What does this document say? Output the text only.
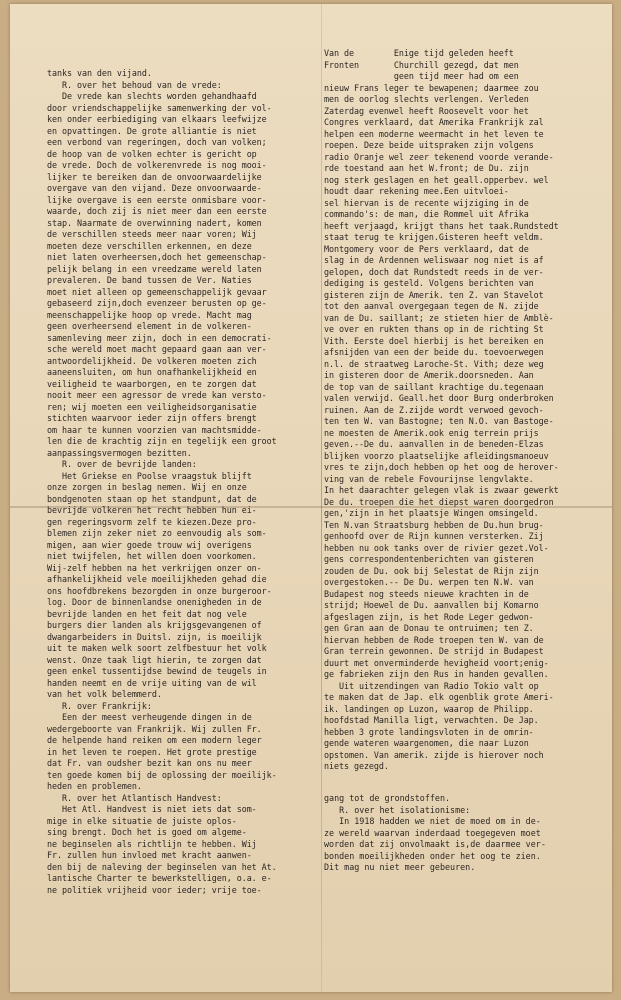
tanks van den vijand.
R. over het behoud van de vrede:
De vrede kan slechts worden gehandhaafd
door vriendschappelijke samenwerking der vol-
ken onder eerbiediging van elkaars leefwijze
en opvattingen. De grote alliantie is niet
een verbond van regeringen, doch van volken;
de hoop van de volken echter is gericht op
de vrede. Doch de volkerenvrede is nog mooi-
lijker te bereiken dan de onvoorwaardelijke
overgave van den vijand. Deze onvoorwaarde-
lijke overgave is een eerste onmisbare voor-
waarde, doch zij is niet meer dan een eerste
stap. Naarmate de overwinning nadert, komen
de verschillen steeds meer naar voren; Wij
moeten deze verschillen erkennen, en deze
niet laten overheersen,doch het gemeenschap-
pelijk belang in een vreedzame wereld laten
prevaleren. De band tussen de Ver. Naties
moet niet alleen op gemeenschappelijk gevaar
gebaseerd zijn,doch evenzeer berusten op ge-
meenschappelijke hoop op vrede. Macht mag
geen overheersend element in de volkeren-
samenleving meer zijn, doch in een democrati-
sche wereld moet macht gepaard gaan aan ver-
antwoordelijkheid. De volkeren moeten zich
aaneensluiten, om hun onafhankelijkheid en
veiligheid te waarborgen, en te zorgen dat
nooit meer een agressor de vrede kan versto-
ren; wij moeten een veiligheidsorganisatie
stichten waarvoor ieder zijn offers brengt
om haar te kunnen voorzien van machtsmidde-
len die de krachtig zijn en tegelijk een groot
aanpassingsvermogen bezitten.
R. over de bevrijde landen:
Het Griekse en Poolse vraagstuk blijft
onze zorgen in beslag nemen. Wij en onze
bondgenoten staan op het standpunt, dat de
bevrijde volkeren het recht hebben hun ei-
gen regeringsvorm zelf te kiezen.Deze pro-
blemen zijn zeker niet zo eenvoudig als som-
migen, aan wier goede trouw wij overigens
niet twijfelen, het willen doen voorkomen.
Wij-zelf hebben na het verkrijgen onzer on-
afhankelijkheid vele moeilijkheden gehad die
ons hoofdbrekens bezorgden in onze burgeroor-
log. Door de binnenlandse onenigheden in de
bevrijde landen en het feit dat nog vele
burgers dier landen als krijgsgevangenen of
dwangarbeiders in Duitsl. zijn, is moeilijk
uit te maken welk soort zelfbestuur het volk
wenst. Onze taak ligt hierin, te zorgen dat
geen enkel tussentijdse bewind de teugels in
handen neemt en de vrije uiting van de wil
van het volk belemmerd.
R. over Frankrijk:
Een der meest verheugende dingen in de
wedergeboorte van Frankrijk. Wij zullen Fr.
de helpende hand reiken om een modern leger
in het leven te roepen. Het grote prestige
dat Fr. van oudsher bezit kan ons nu meer
ten goede komen bij de oplossing der moeilijk-
heden en problemen.
R. over het Atlantisch Handvest:
Het Atl. Handvest is niet iets dat som-
mige in elke situatie de juiste oplos-
sing brengt. Doch het is goed om algeme-
ne beginselen als richtlijn te hebben. Wij
Fr. zullen hun invloed met kracht aanwen-
den bij de naleving der beginselen van het At.
lantische Charter te bewerkstelligen, o.a. e-
ne politiek vrijheid voor ieder; vrije toe-
Van de        Enige tijd geleden heeft
Fronten       Churchill gezegd, dat men
geen tijd meer had om een
nieuw Frans leger te bewapenen; daarmee zou
men de oorlog slechts verlengen. Verleden
Zaterdag evenwel heeft Roosevelt voor het
Congres verklaard, dat Amerika Frankrijk zal
helpen een moderne weermacht in het leven te
roepen. Deze beide uitspraken zijn volgens
radio Oranje wel zeer tekenend voorde verande-
rde toestand aan het W.front; de Du. zijn
nog sterk geslagen en het geall.opperbev. wel
houdt daar rekening mee.Een uitvloei-
sel hiervan is de recente wijziging in de
commando's: de man, die Rommel uit Afrika
heeft verjaagd, krijgt thans het taak.Rundstedt
staat terug te krijgen.Gisteren heeft veldm.
Montgomery voor de Pers verklaard, dat de
slag in de Ardennen weliswaar nog niet is af
gelopen, doch dat Rundstedt reeds in de ver-
dediging is gesteld. Volgens berichten van
gisteren zijn de Amerik. ten Z. van Stavelot
tot den aanval overgegaan tegen de N. zijde
van de Du. saillant; ze stieten hier de Amblè-
ve over en rukten thans op in de richting St
Vith. Eerste doel hierbij is het bereiken en
afsnijden van een der beide du. toevoerwegen
n.l. de straatweg Laroche-St. Vith; deze weg
in gisteren door de Amerik.doorsneden. Aan
de top van de saillant krachtige du.tegenaan
valen verwijd. Geall.het door Burg onderbroken
ruinen. Aan de Z.zijde wordt verwoed gevoch-
ten ten W. van Bastogne; ten N.O. van Bastoge-
ne moesten de Amerik.ook enig terrein prijs
geven.--De du. aanvallen in de beneden-Elzas
blijken voorzo plaatselijke afleidingsmanoeuv
vres te zijn,doch hebben op het oog de herover-
ving van de rebele Fovourijnse lengvlakte.
In het daarachter gelegen vlak is zwaar gewerkt
De du. troepen die het diepst waren doorgedron
gen,'zijn in het plaatsje Wingen omsingeld.
Ten N.van Straatsburg hebben de Du.hun brug-
genhoofd over de Rijn kunnen versterken. Zij
hebben nu ook tanks over de rivier gezet.Vol-
gens correspondentenberichten van gisteren
zouden de Du. ook bij Selestat de Rijn zijn
overgestoken.-- De Du. werpen ten N.W. van
Budapest nog steeds nieuwe krachten in de
strijd; Hoewel de Du. aanvallen bij Komarno
afgeslagen zijn, is het Rode Leger gedwon-
gen Gran aan de Donau te ontruimen; ten Z.
hiervan hebben de Rode troepen ten W. van de
Gran terrein gewonnen. De strijd in Budapest
duurt met onverminderde hevigheid voort;enig-
ge fabrieken zijn den Rus in handen gevallen.
Uit uitzendingen van Radio Tokio valt op
te maken dat de Jap. elk ogenblik grote Ameri-
ik. landingen op Luzon, waarop de Philipp.
hoofdstad Manilla ligt, verwachten. De Jap.
hebben 3 grote landingsvloten in de omrin-
gende wateren waargenomen, die naar Luzon
opstomen. Van amerik. zijde is hierover noch
niets gezegd.
gang tot de grondstoffen.
R. over het isolationisme:
In 1918 hadden we niet de moed om in de-
ze wereld waarvan inderdaad toegegeven moet
worden dat zij onvolmaakt is,de daarmee ver-
bonden moeilijkheden onder het oog te zien.
Dit mag nu niet meer gebeuren.
